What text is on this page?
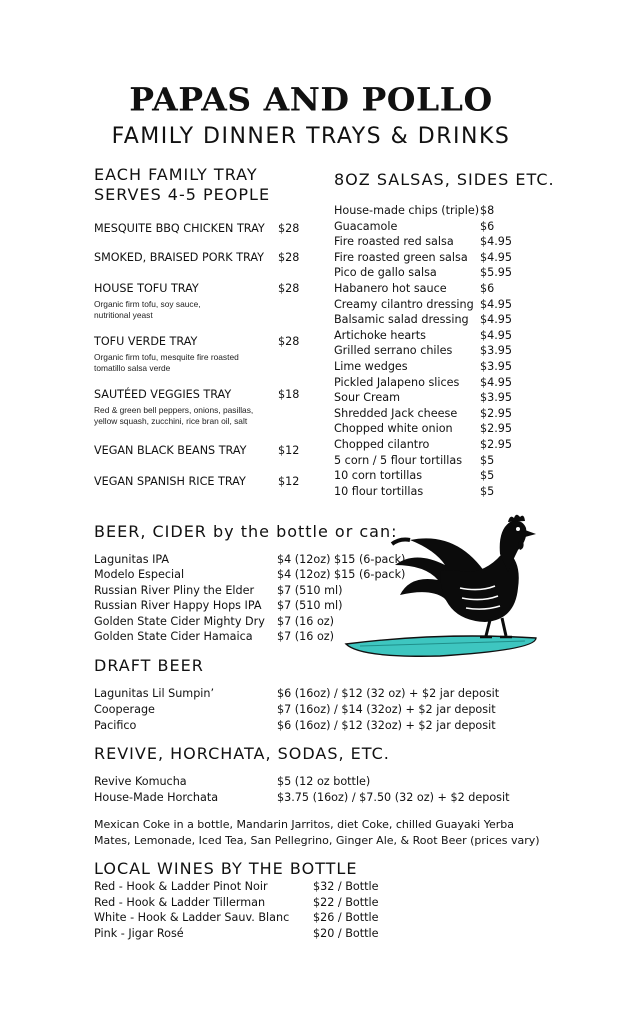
PAPAS AND POLLO
FAMILY DINNER TRAYS & DRINKS
EACH FAMILY TRAY
SERVES 4-5 PEOPLE
MESQUITE BBQ CHICKEN TRAY $28
SMOKED, BRAISED PORK TRAY $28
HOUSE TOFU TRAY	$28
Organic firm tofu, soy sauce, nutritional yeast
TOFU VERDE TRAY	$28
Organic firm tofu, mesquite fire roasted tomatillo salsa verde
SAUTÉED VEGGIES TRAY	$18
Red & green bell peppers, onions, pasillas, yellow squash, zucchini, rice bran oil, salt
VEGAN BLACK BEANS TRAY	$12
VEGAN SPANISH RICE TRAY	$12
8OZ SALSAS, SIDES ETC.
House-made chips (triple) $8
Guacamole	$6
Fire roasted red salsa $4.95
Fire roasted green salsa $4.95
Pico de gallo salsa	$5.95
Habanero hot sauce	$6
Creamy cilantro dressing $4.95
Balsamic salad dressing $4.95
Artichoke hearts	$4.95
Grilled serrano chiles $3.95
Lime wedges	$3.95
Pickled Jalapeno slices $4.95
Sour Cream	$3.95
Shredded Jack cheese $2.95
Chopped white onion $2.95
Chopped cilantro	$2.95
5 corn / 5 flour tortillas $5
10 corn tortillas	$5
10 flour tortillas	$5
BEER, CIDER by the bottle or can:
Lagunitas IPA	$4 (12oz) $15 (6-pack)
Modelo Especial	$4 (12oz) $15 (6-pack)
Russian River Pliny the Elder $7 (510 ml)
Russian River Happy Hops IPA $7 (510 ml)
Golden State Cider Mighty Dry $7 (16 oz)
Golden State Cider Hamaica $7 (16 oz)
DRAFT BEER
Lagunitas Lil Sumpin’	$6 (16oz) / $12 (32 oz) + $2 jar deposit
Cooperage	$7 (16oz) / $14 (32oz) + $2 jar deposit
Pacifico	$6 (16oz) / $12 (32oz) + $2 jar deposit
REVIVE, HORCHATA, SODAS, ETC.
Revive Komucha	$5 (12 oz bottle)
House-Made Horchata	$3.75 (16oz) / $7.50 (32 oz) + $2 deposit
Mexican Coke in a bottle, Mandarin Jarritos, diet Coke, chilled Guayaki Yerba
Mates, Lemonade, Iced Tea, San Pellegrino, Ginger Ale, & Root Beer (prices vary)
LOCAL WINES BY THE BOTTLE
Red - Hook & Ladder Pinot Noir	$32 / Bottle
Red - Hook & Ladder Tillerman	$22 / Bottle
White - Hook & Ladder Sauv. Blanc $26 / Bottle
Pink - Jigar Rosé	$20 / Bottle
